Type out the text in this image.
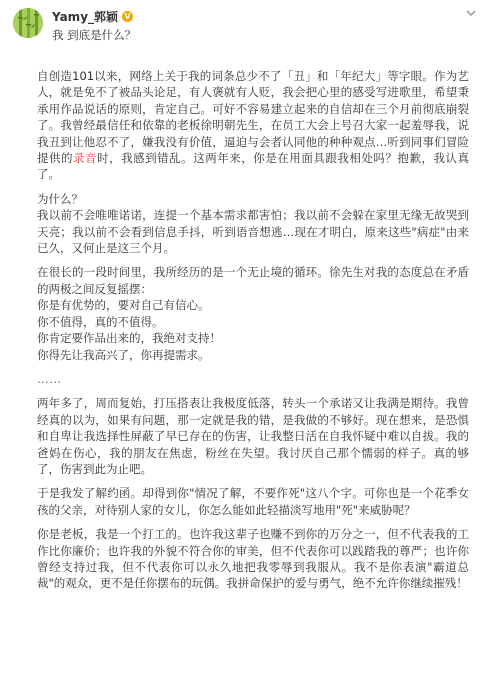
Yamy_郭颖 V
我 到底是什么？

自创造101以来，网络上关于我的词条总少不了「丑」和「年纪大」等字眼。作为艺人，就是免不了被品头论足，有人褒就有人贬，我会把心里的感受写进歌里，希望秉承用作品说话的原则，肯定自己。可好不容易建立起来的自信却在三个月前彻底崩裂了。我曾经最信任和依靠的老板徐明朝先生，在员工大会上号召大家一起羞辱我，说我丑到让他忍不了，嫌我没有价值，逼迫与会者认同他的种种观点…听到同事们冒险提供的录音时，我感到错乱。这两年来，你是在用面具跟我相处吗？抱歉，我认真了。

为什么？
我以前不会唯唯诺诺，连提一个基本需求都害怕；我以前不会躲在家里无缘无故哭到天亮；我以前不会看到信息手抖，听到语音想逃…现在才明白，原来这些"病症"由来已久，又何止是这三个月。

在很长的一段时间里，我所经历的是一个无止境的循环。徐先生对我的态度总在矛盾的两极之间反复摇摆：
你是有优势的，要对自己有信心。
你不值得，真的不值得。
你肯定要作品出来的，我绝对支持！
你得先让我高兴了，你再提需求。

……

两年多了，周而复始，打压搭表让我极度低落，转头一个承诺又让我满是期待。我曾经真的以为，如果有问题，那一定就是我的错，是我做的不够好。现在想来，是恐惧和自卑让我选择性屏蔽了早已存在的伤害，让我整日活在自我怀疑中难以自拔。我的爸妈在伤心，我的朋友在焦虑，粉丝在失望。我讨厌自己那个懦弱的样子。真的够了，伤害到此为止吧。

于是我发了解约函。却得到你"情况了解，不要作死"这八个字。可你也是一个花季女孩的父亲，对待别人家的女儿，你怎么能如此轻描淡写地用"死"来威胁呢？

你是老板，我是一个打工的。也许我这辈子也赚不到你的万分之一，但不代表我的工作比你廉价；也许我的外貌不符合你的审美，但不代表你可以践踏我的尊严；也许你曾经支持过我，但不代表你可以永久地把我零辱到我服从。我不是你表演"霸道总裁"的观众，更不是任你摆布的玩偶。我拼命保护的爱与勇气，绝不允许你继续摧残！
